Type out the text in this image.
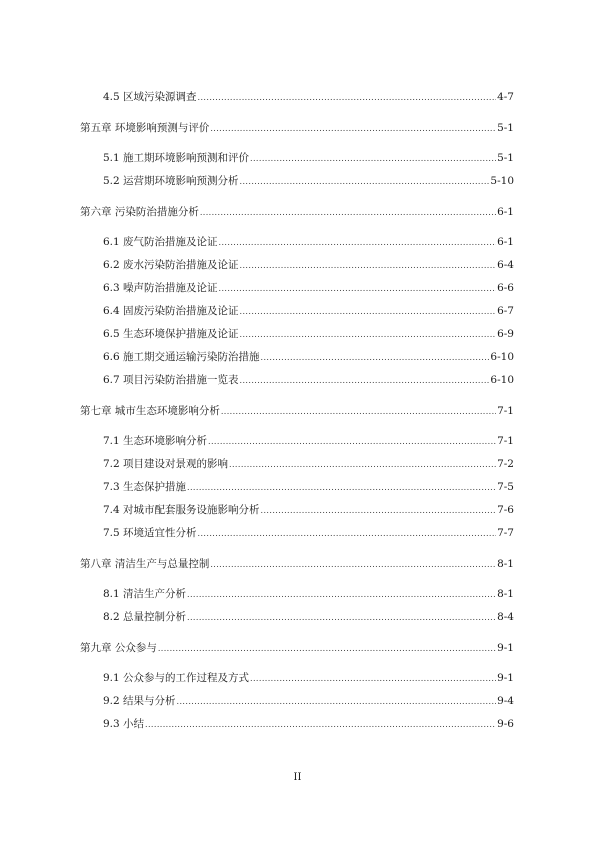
4.5 区域污染源调查 .....	4-7
第五章 环境影响预测与评价 .....	5-1
5.1 施工期环境影响预测和评价 .....	5-1
5.2 运营期环境影响预测分析 .....	5-10
第六章 污染防治措施分析 .....	6-1
6.1 废气防治措施及论证 .....	6-1
6.2 废水污染防治措施及论证 .....	6-4
6.3 噪声防治措施及论证 .....	6-6
6.4 固废污染防治措施及论证 .....	6-7
6.5 生态环境保护措施及论证 .....	6-9
6.6 施工期交通运输污染防治措施 .....	6-10
6.7 项目污染防治措施一览表 .....	6-10
第七章 城市生态环境影响分析 .....	7-1
7.1 生态环境影响分析 .....	7-1
7.2 项目建设对景观的影响 .....	7-2
7.3 生态保护措施 .....	7-5
7.4 对城市配套服务设施影响分析 .....	7-6
7.5 环境适宜性分析 .....	7-7
第八章 清洁生产与总量控制 .....	8-1
8.1 清洁生产分析 .....	8-1
8.2 总量控制分析 .....	8-4
第九章 公众参与 .....	9-1
9.1 公众参与的工作过程及方式 .....	9-1
9.2 结果与分析 .....	9-4
9.3 小结 .....	9-6
II
